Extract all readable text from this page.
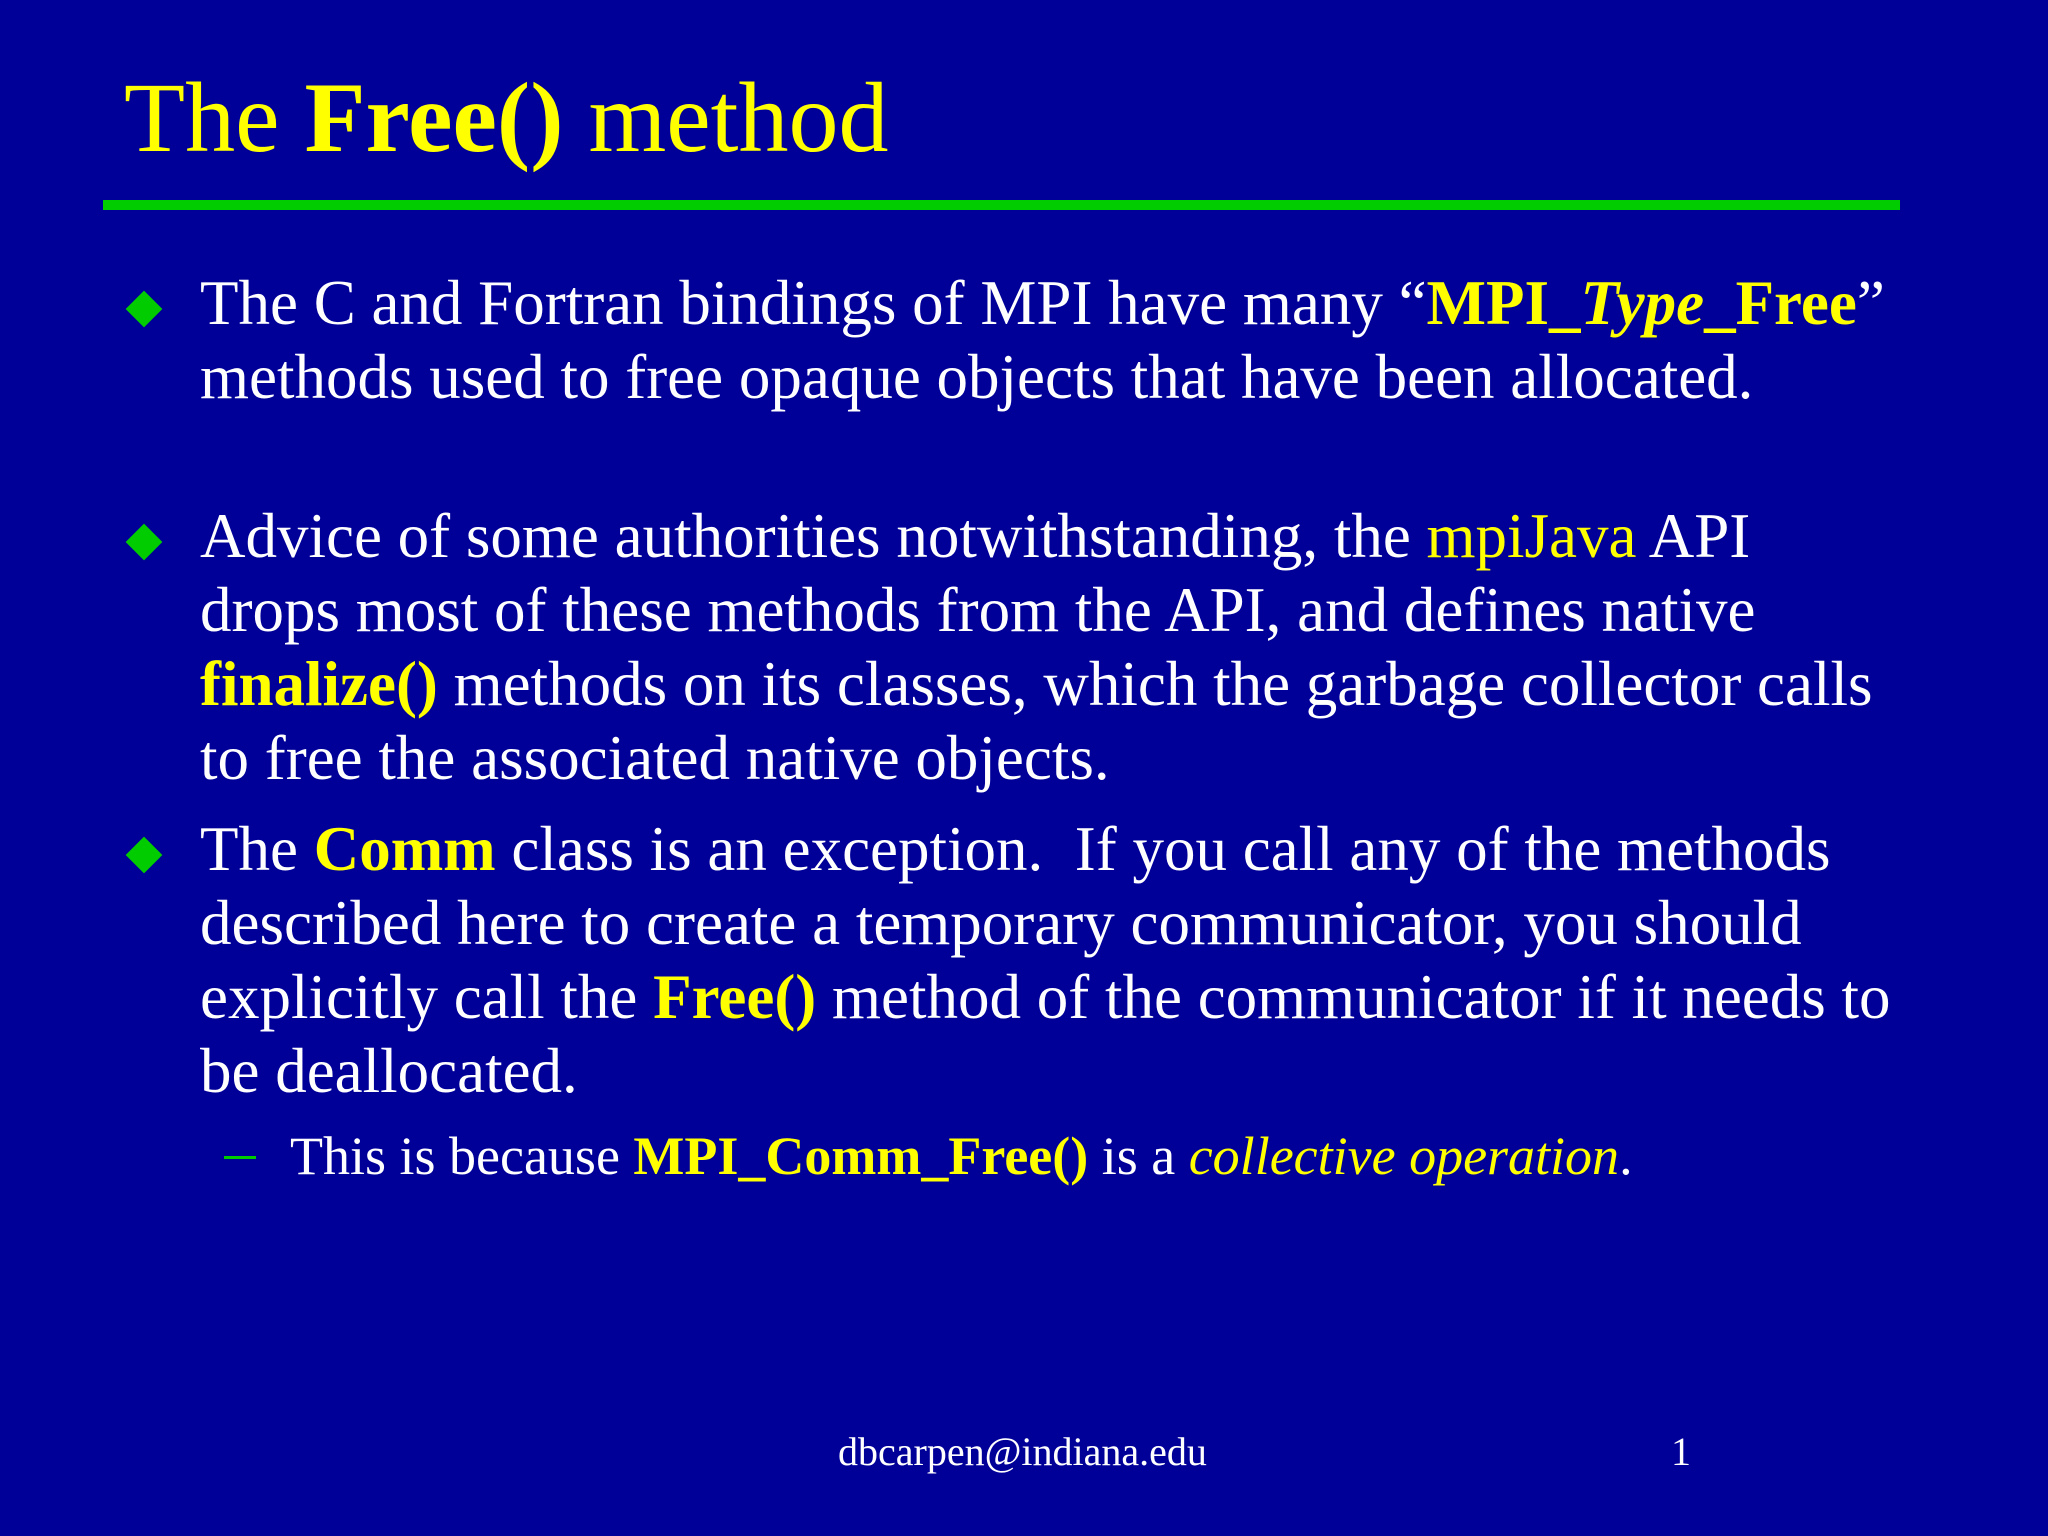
The Free() method
The C and Fortran bindings of MPI have many “MPI_Type_Free” methods used to free opaque objects that have been allocated.
Advice of some authorities notwithstanding, the mpiJava API drops most of these methods from the API, and defines native finalize() methods on its classes, which the garbage collector calls to free the associated native objects.
The Comm class is an exception.  If you call any of the methods described here to create a temporary communicator, you should explicitly call the Free() method of the communicator if it needs to be deallocated.
This is because MPI_Comm_Free() is a collective operation.
dbcarpen@indiana.edu	1
